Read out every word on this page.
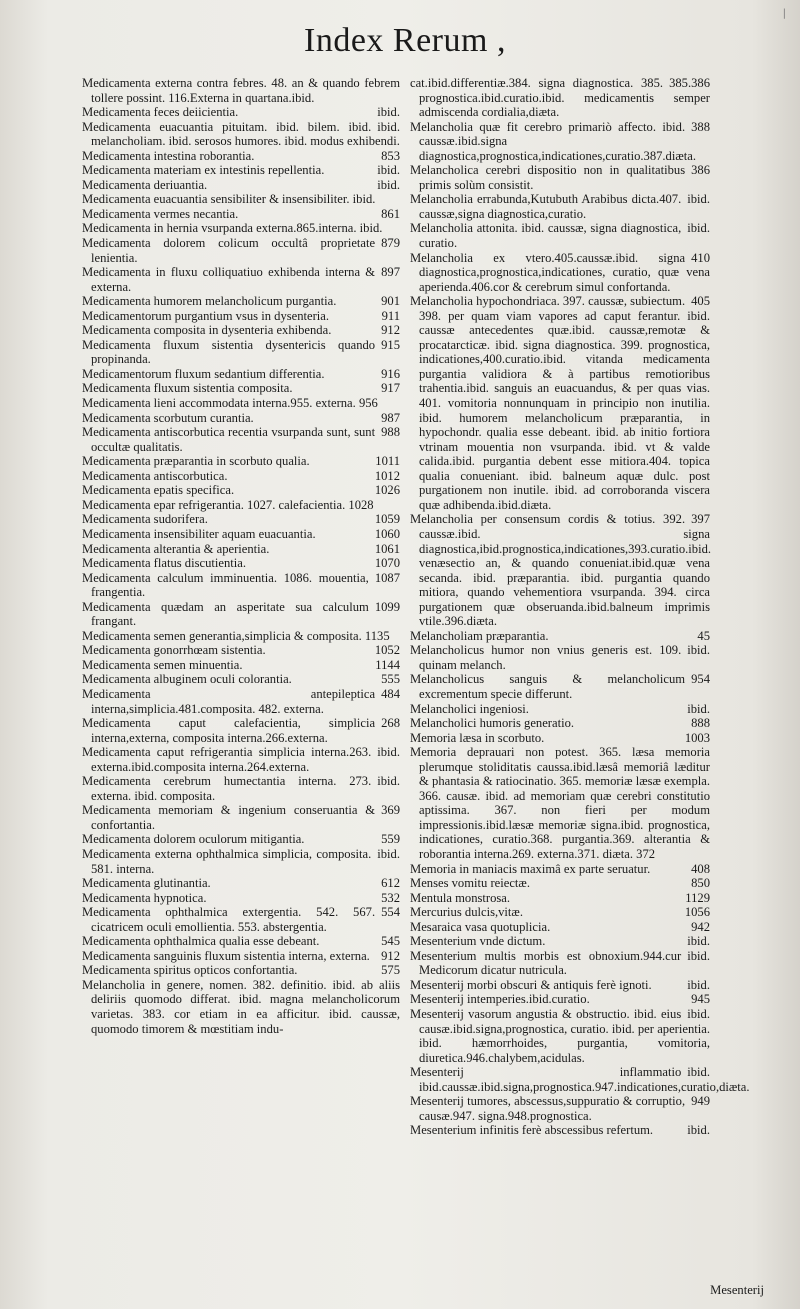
|
Index Rerum ,
Medicamenta externa contra febres. 48. an & quando febrem tollere possint. 116.Externa in quartana.ibid.
ibid.
Medicamenta feces deiicientia.
ibid.
Medicamenta euacuantia pituitam. ibid. bilem. ibid. melancholiam. ibid. serosos humores. ibid. modus exhibendi.
853
Medicamenta intestina roborantia.
ibid.
Medicamenta materiam ex intestinis repellentia.
ibid.
Medicamenta deriuantia.
Medicamenta euacuantia sensibiliter & insensibiliter. ibid.
861
Medicamenta vermes necantia.
Medicamenta in hernia vsurpanda externa.865.interna. ibid.
879
Medicamenta dolorem colicum occultâ proprietate lenientia.
897
Medicamenta in fluxu colliquatiuo exhibenda interna & externa.
901
Medicamenta humorem melancholicum purgantia.
911
Medicamentorum purgantium vsus in dysenteria.
912
Medicamenta composita in dysenteria exhibenda.
915
Medicamenta fluxum sistentia dysentericis quando propinanda.
916
Medicamentorum fluxum sedantium differentia.
917
Medicamenta fluxum sistentia composita.
Medicamenta lieni accommodata interna.955. externa. 956
987
Medicamenta scorbutum curantia.
988
Medicamenta antiscorbutica recentia vsurpanda sunt, sunt occultæ qualitatis.
1011
Medicamenta præparantia in scorbuto qualia.
1012
Medicamenta antiscorbutica.
1026
Medicamenta epatis specifica.
Medicamenta epar refrigerantia. 1027. calefacientia. 1028
1059
Medicamenta sudorifera.
1060
Medicamenta insensibiliter aquam euacuantia.
1061
Medicamenta alterantia & aperientia.
1070
Medicamenta flatus discutientia.
1087
Medicamenta calculum imminuentia. 1086. mouentia, frangentia.
1099
Medicamenta quædam an asperitate sua calculum frangant.
Medicamenta semen generantia,simplicia & composita. 1135
1052
Medicamenta gonorrhœam sistentia.
1144
Medicamenta semen minuentia.
555
Medicamenta albuginem oculi colorantia.
484
Medicamenta antepileptica interna,simplicia.481.composita. 482. externa.
268
Medicamenta caput calefacientia, simplicia interna,externa, composita interna.266.externa.
ibid.
Medicamenta caput refrigerantia simplicia interna.263. externa.ibid.composita interna.264.externa.
ibid.
Medicamenta cerebrum humectantia interna. 273. externa. ibid. composita.
369
Medicamenta memoriam & ingenium conseruantia & confortantia.
559
Medicamenta dolorem oculorum mitigantia.
ibid.
Medicamenta externa ophthalmica simplicia, composita. 581. interna.
612
Medicamenta glutinantia.
532
Medicamenta hypnotica.
554
Medicamenta ophthalmica extergentia. 542. 567. cicatricem oculi emollientia. 553. abstergentia.
545
Medicamenta ophthalmica qualia esse debeant.
912
Medicamenta sanguinis fluxum sistentia interna, externa.
575
Medicamenta spiritus opticos confortantia.
Melancholia in genere, nomen. 382. definitio. ibid. ab aliis deliriis quomodo differat. ibid. magna melancholicorum varietas. 383. cor etiam in ea afficitur. ibid. caussæ, quomodo timorem & mœstitiam indu-
385.386
cat.ibid.differentiæ.384. signa diagnostica. 385. prognostica.ibid.curatio.ibid. medicamentis semper admiscenda cordialia,diæta.
388
Melancholia quæ fit cerebro primariò affecto. ibid. caussæ.ibid.signa diagnostica,prognostica,indicationes,curatio.387.diæta.
386
Melancholica cerebri dispositio non in qualitatibus primis solùm consistit.
ibid.
Melancholia errabunda,Kutubuth Arabibus dicta.407. caussæ,signa diagnostica,curatio.
ibid.
Melancholia attonita. ibid. caussæ, signa diagnostica, curatio.
410
Melancholia ex vtero.405.caussæ.ibid. signa diagnostica,prognostica,indicationes, curatio, quæ vena aperienda.406.cor & cerebrum simul confortanda.
405
Melancholia hypochondriaca. 397. caussæ, subiectum. 398. per quam viam vapores ad caput ferantur. ibid. caussæ antecedentes quæ.ibid. caussæ,remotæ & procatarcticæ. ibid. signa diagnostica. 399. prognostica, indicationes,400.curatio.ibid. vitanda medicamenta purgantia validiora & à partibus remotioribus trahentia.ibid. sanguis an euacuandus, & per quas vias. 401. vomitoria nonnunquam in principio non inutilia. ibid. humorem melancholicum præparantia, in hypochondr. qualia esse debeant. ibid. ab initio fortiora vtrinam mouentia non vsurpanda. ibid. vt & valde calida.ibid. purgantia debent esse mitiora.404. topica qualia conueniant. ibid. balneum aquæ dulc. post purgationem non inutile. ibid. ad corroboranda viscera quæ adhibenda.ibid.diæta.
397
Melancholia per consensum cordis & totius. 392. caussæ.ibid. signa diagnostica,ibid.prognostica,indicationes,393.curatio.ibid. venæsectio an, & quando conueniat.ibid.quæ vena secanda. ibid. præparantia. ibid. purgantia quando mitiora, quando vehementiora vsurpanda. 394. circa purgationem quæ obseruanda.ibid.balneum imprimis vtile.396.diæta.
45
Melancholiam præparantia.
ibid.
Melancholicus humor non vnius generis est. 109. quinam melanch.
954
Melancholicus sanguis & melancholicum excrementum specie differunt.
ibid.
Melancholici ingeniosi.
888
Melancholici humoris generatio.
1003
Memoria læsa in scorbuto.
Memoria deprauari non potest. 365. læsa memoria plerumque stoliditatis caussa.ibid.læsâ memoriâ læditur & phantasia & ratiocinatio. 365. memoriæ læsæ exempla. 366. causæ. ibid. ad memoriam quæ cerebri constitutio aptissima. 367. non fieri per modum impressionis.ibid.læsæ memoriæ signa.ibid. prognostica, indicationes, curatio.368. purgantia.369. alterantia & roborantia interna.269. externa.371. diæta. 372
408
Memoria in maniacis maximâ ex parte seruatur.
850
Menses vomitu reiectæ.
1129
Mentula monstrosa.
1056
Mercurius dulcis,vitæ.
942
Mesaraica vasa quotuplicia.
ibid.
Mesenterium vnde dictum.
ibid.
Mesenterium multis morbis est obnoxium.944.cur Medicorum dicatur nutricula.
ibid.
Mesenterij morbi obscuri & antiquis ferè ignoti.
945
Mesenterij intemperies.ibid.curatio.
ibid.
Mesenterij vasorum angustia & obstructio. ibid. eius causæ.ibid.signa,prognostica, curatio. ibid. per aperientia. ibid. hæmorrhoides, purgantia, vomitoria, diuretica.946.chalybem,acidulas.
ibid.
Mesenterij inflammatio ibid.caussæ.ibid.signa,prognostica.947.indicationes,curatio,diæta.
949
Mesenterij tumores, abscessus,suppuratio & corruptio, causæ.947. signa.948.prognostica.
ibid.
Mesenterium infinitis ferè abscessibus refertum.
Mesenterij
